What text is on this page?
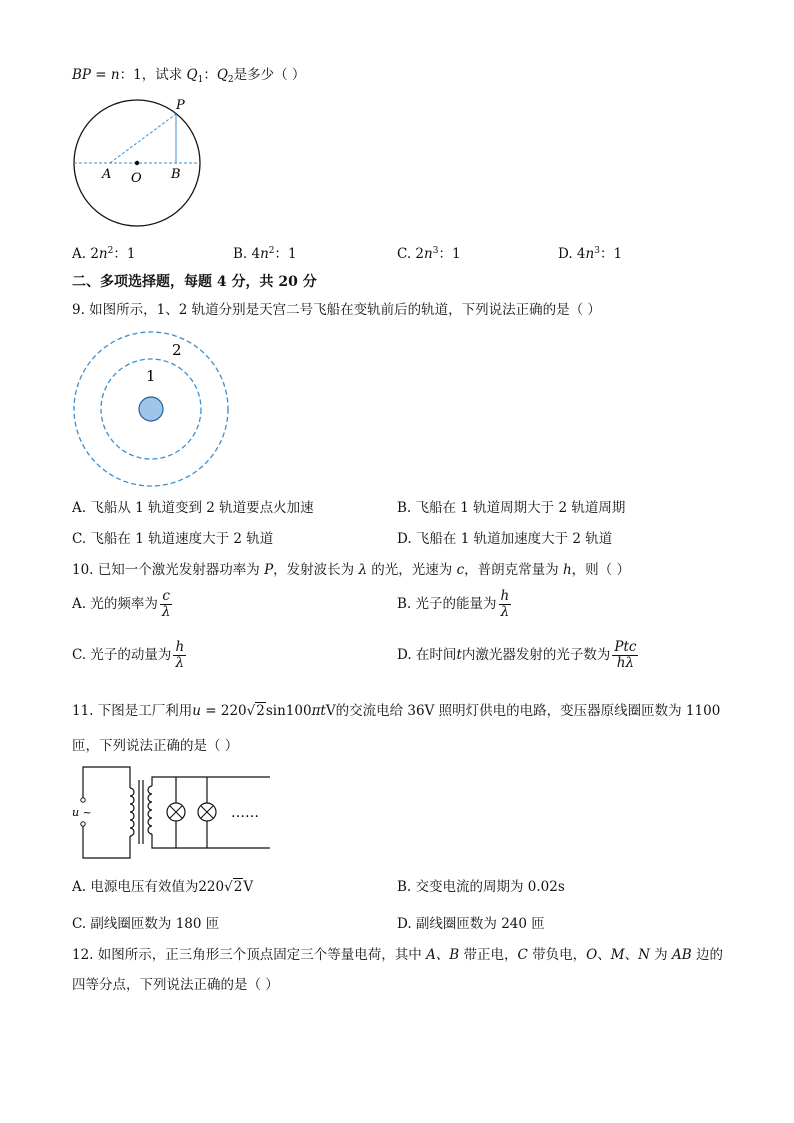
BP = n：1，试求 $Q_1$：$Q_2$是多少（ ）
P
A O B
A. $2n^2$：1	B. $4n^2$：1	C. $2n^3$：1	D. $4n^3$：1
二、多项选择题，每题 4 分，共 20 分
9. 如图所示，1、2 轨道分别是天宫二号飞船在变轨前后的轨道，下列说法正确的是（ ）
1
2
A. 飞船从 1 轨道变到 2 轨道要点火加速	B. 飞船在 1 轨道周期大于 2 轨道周期
C. 飞船在 1 轨道速度大于 2 轨道	D. 飞船在 1 轨道加速度大于 2 轨道
10. 已知一个激光发射器功率为 P，发射波长为 λ 的光，光速为 c，普朗克常量为 h，则（ ）
A. 光的频率为 $\frac{c}{\lambda}$	B. 光子的能量为 $\frac{h}{\lambda}$
C. 光子的动量为 $\frac{h}{\lambda}$	D. 在时间t内激光器发射的光子数为 $\frac{\text{Ptc}}{h\lambda}$
11. 下图是工厂利用u = 220√2sin100πtV的交流电给 36V 照明灯供电的电路，变压器原线圈匝数为 1100
匝，下列说法正确的是（ ）
u ~	……
A. 电源电压有效值为220√2V	B. 交变电流的周期为 0.02s
C. 副线圈匝数为 180 匝	D. 副线圈匝数为 240 匝
12. 如图所示，正三角形三个顶点固定三个等量电荷，其中 A、B 带正电，C 带负电，O、M、N 为 AB 边的
四等分点，下列说法正确的是（ ）
